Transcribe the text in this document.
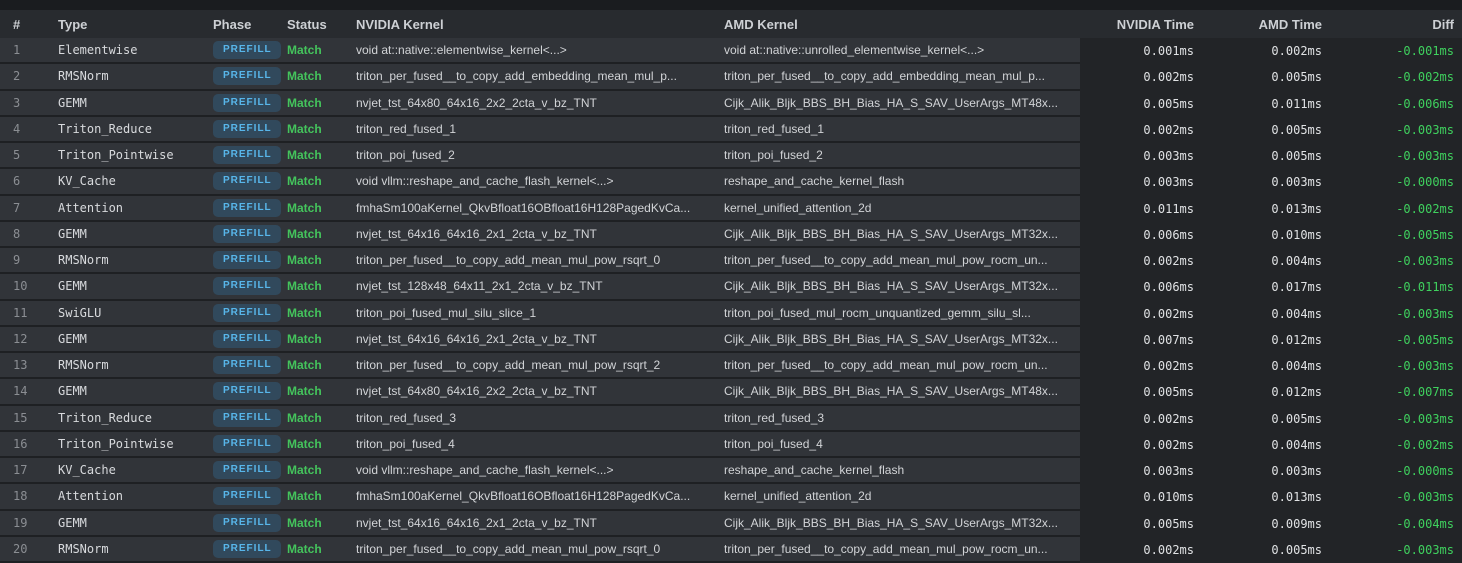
#	Type	Phase	Status	NVIDIA Kernel	AMD Kernel	NVIDIA Time	AMD Time	Diff
1	Elementwise	PREFILL	Match	void at::native::elementwise_kernel<...>	void at::native::unrolled_elementwise_kernel<...>	0.001ms	0.002ms	-0.001ms
2	RMSNorm	PREFILL	Match	triton_per_fused__to_copy_add_embedding_mean_mul_p...	triton_per_fused__to_copy_add_embedding_mean_mul_p...	0.002ms	0.005ms	-0.002ms
3	GEMM	PREFILL	Match	nvjet_tst_64x80_64x16_2x2_2cta_v_bz_TNT	Cijk_Alik_Bljk_BBS_BH_Bias_HA_S_SAV_UserArgs_MT48x...	0.005ms	0.011ms	-0.006ms
4	Triton_Reduce	PREFILL	Match	triton_red_fused_1	triton_red_fused_1	0.002ms	0.005ms	-0.003ms
5	Triton_Pointwise	PREFILL	Match	triton_poi_fused_2	triton_poi_fused_2	0.003ms	0.005ms	-0.003ms
6	KV_Cache	PREFILL	Match	void vllm::reshape_and_cache_flash_kernel<...>	reshape_and_cache_kernel_flash	0.003ms	0.003ms	-0.000ms
7	Attention	PREFILL	Match	fmhaSm100aKernel_QkvBfloat16OBfloat16H128PagedKvCa...	kernel_unified_attention_2d	0.011ms	0.013ms	-0.002ms
8	GEMM	PREFILL	Match	nvjet_tst_64x16_64x16_2x1_2cta_v_bz_TNT	Cijk_Alik_Bljk_BBS_BH_Bias_HA_S_SAV_UserArgs_MT32x...	0.006ms	0.010ms	-0.005ms
9	RMSNorm	PREFILL	Match	triton_per_fused__to_copy_add_mean_mul_pow_rsqrt_0	triton_per_fused__to_copy_add_mean_mul_pow_rocm_un...	0.002ms	0.004ms	-0.003ms
10	GEMM	PREFILL	Match	nvjet_tst_128x48_64x11_2x1_2cta_v_bz_TNT	Cijk_Alik_Bljk_BBS_BH_Bias_HA_S_SAV_UserArgs_MT32x...	0.006ms	0.017ms	-0.011ms
11	SwiGLU	PREFILL	Match	triton_poi_fused_mul_silu_slice_1	triton_poi_fused_mul_rocm_unquantized_gemm_silu_sl...	0.002ms	0.004ms	-0.003ms
12	GEMM	PREFILL	Match	nvjet_tst_64x16_64x16_2x1_2cta_v_bz_TNT	Cijk_Alik_Bljk_BBS_BH_Bias_HA_S_SAV_UserArgs_MT32x...	0.007ms	0.012ms	-0.005ms
13	RMSNorm	PREFILL	Match	triton_per_fused__to_copy_add_mean_mul_pow_rsqrt_2	triton_per_fused__to_copy_add_mean_mul_pow_rocm_un...	0.002ms	0.004ms	-0.003ms
14	GEMM	PREFILL	Match	nvjet_tst_64x80_64x16_2x2_2cta_v_bz_TNT	Cijk_Alik_Bljk_BBS_BH_Bias_HA_S_SAV_UserArgs_MT48x...	0.005ms	0.012ms	-0.007ms
15	Triton_Reduce	PREFILL	Match	triton_red_fused_3	triton_red_fused_3	0.002ms	0.005ms	-0.003ms
16	Triton_Pointwise	PREFILL	Match	triton_poi_fused_4	triton_poi_fused_4	0.002ms	0.004ms	-0.002ms
17	KV_Cache	PREFILL	Match	void vllm::reshape_and_cache_flash_kernel<...>	reshape_and_cache_kernel_flash	0.003ms	0.003ms	-0.000ms
18	Attention	PREFILL	Match	fmhaSm100aKernel_QkvBfloat16OBfloat16H128PagedKvCa...	kernel_unified_attention_2d	0.010ms	0.013ms	-0.003ms
19	GEMM	PREFILL	Match	nvjet_tst_64x16_64x16_2x1_2cta_v_bz_TNT	Cijk_Alik_Bljk_BBS_BH_Bias_HA_S_SAV_UserArgs_MT32x...	0.005ms	0.009ms	-0.004ms
20	RMSNorm	PREFILL	Match	triton_per_fused__to_copy_add_mean_mul_pow_rsqrt_0	triton_per_fused__to_copy_add_mean_mul_pow_rocm_un...	0.002ms	0.005ms	-0.003ms
